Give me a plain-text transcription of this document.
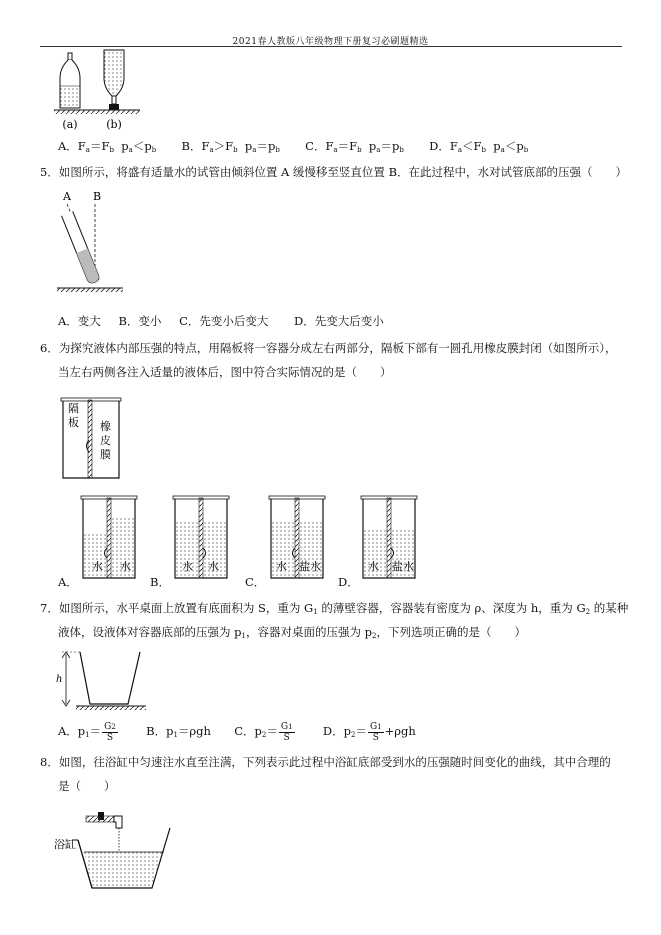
2021春人教版八年级物理下册复习必刷题精选
(a)	(b)
A．$F_a=F_b$ $p_a<p_b$ B．$F_a>F_b$ $p_a=p_b$ C．$F_a=F_b$ $p_a=p_b$ D．$F_a<F_b$ $p_a<p_b$
5．如图所示，将盛有适量水的试管由倾斜位置 A 缓慢移至竖直位置 B．在此过程中，水对试管底部的压强（　　）
A B
A．变大 B．变小 C．先变小后变大 D．先变大后变小
6．为探究液体内部压强的特点，用隔板将一容器分成左右两部分，隔板下部有一圆孔用橡皮膜封闭（如图所示），
当左右两侧各注入适量的液体后，图中符合实际情况的是（　　）
隔
板 橡
皮
膜
水 水	水 水	水 盐水	水 盐水
A．	B．	C．	D．
7．如图所示，水平桌面上放置有底面积为 S，重为 $G_1$ 的薄壁容器，容器装有密度为 ρ、深度为 h，重为 $G_2$ 的某种
液体，设液体对容器底部的压强为 $p_1$，容器对桌面的压强为 $p_2$，下列选项正确的是（　　）
h
A．$p_1= \frac{G2}{S}$ B．$p_1=\rho gh$ C．$p_2= \frac{G1}{S}$ D．$p_2= \frac{G1}{S} +\rho gh$
8．如图，往浴缸中匀速注水直至注满，下列表示此过程中浴缸底部受到水的压强随时间变化的曲线，其中合理的
是（　　）
浴缸
